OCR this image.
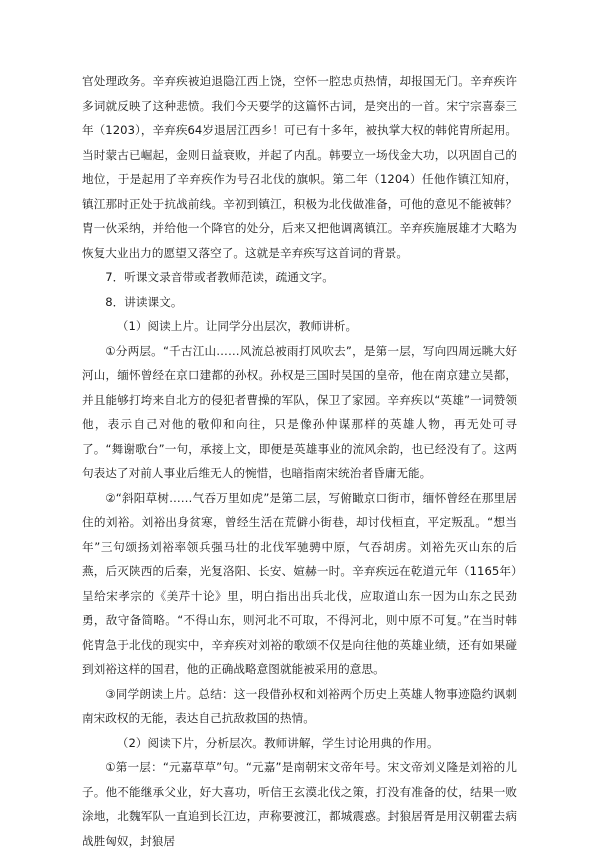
官处理政务。辛弃疾被迫退隐江西上饶，空怀一腔忠贞热情，却报国无门。辛弃疾许多词就反映了这种悲愤。我们今天要学的这篇怀古词，是突出的一首。宋宁宗喜泰三年（1203），辛弃疾64岁退居江西乡！可已有十多年，被执掌大权的韩侂胄所起用。当时蒙古已崛起，金则日益衰败，并起了内乱。韩要立一场伐金大功，以巩固自己的地位，于是起用了辛弃疾作为号召北伐的旗帜。第二年（1204）任他作镇江知府，镇江那时正处于抗战前线。辛初到镇江，积极为北伐做准备，可他的意见不能被韩？胄一伙采纳，并给他一个降官的处分，后来又把他调离镇江。辛弃疾施展雄才大略为恢复大业出力的愿望又落空了。这就是辛弃疾写这首词的背景。

7．听课文录音带或者教师范读，疏通文字。

8．讲读课文。

（1）阅读上片。让同学分出层次，教师讲析。

①分两层。“千古江山……风流总被雨打风吹去”，是第一层，写向四周远眺大好河山，缅怀曾经在京口建都的孙权。孙权是三国时吴国的皇帝，他在南京建立吴都，并且能够打垮来自北方的侵犯者曹操的军队，保卫了家园。辛弃疾以“英雄”一词赞领他，表示自己对他的敬仰和向往，只是像孙仲谋那样的英雄人物，再无处可寻了。“舞谢歌台”一句，承接上文，即便是英雄事业的流风余韵，也已经没有了。这两句表达了对前人事业后维无人的惋惜，也暗指南宋统治者昏庸无能。

②“斜阳草树……气吞万里如虎”是第二层，写俯瞰京口街市，缅怀曾经在那里居住的刘裕。刘裕出身贫寒，曾经生活在荒僻小街巷，却讨伐桓直，平定叛乱。“想当年”三句颂扬刘裕率领兵强马壮的北伐军驰骋中原，气吞胡虏。刘裕先灭山东的后燕，后灭陕西的后秦，光复洛阳、长安、媗赫一时。辛弃疾远在乾道元年（1165年）呈给宋孝宗的《美芹十论》里，明白指出出兵北伐，应取道山东一因为山东之民劲勇，敌守备简略。“不得山东，则河北不可取，不得河北，则中原不可复。”在当时韩侂胄急于北伐的现实中，辛弃疾对刘裕的歌颂不仅是向往他的英雄业绩，还有如果碰到刘裕这样的国君，他的正确战略意图就能被采用的意思。

③同学朗读上片。总结：这一段借孙权和刘裕两个历史上英雄人物事迹隐约讽刺南宋政权的无能，表达自己抗敌救国的热情。

（2）阅读下片，分析层次。教师讲解，学生讨论用典的作用。

①第一层：“元嘉草草”句。“元嘉”是南朝宋文帝年号。宋文帝刘义隆是刘裕的儿子。他不能继承父业，好大喜功，听信王玄漠北伐之策，打没有准备的仗，结果一败涂地，北魏军队一直追到长江边，声称要渡江，都城震惑。封狼居胥是用汉朝霍去病战胜匈奴，封狼居
